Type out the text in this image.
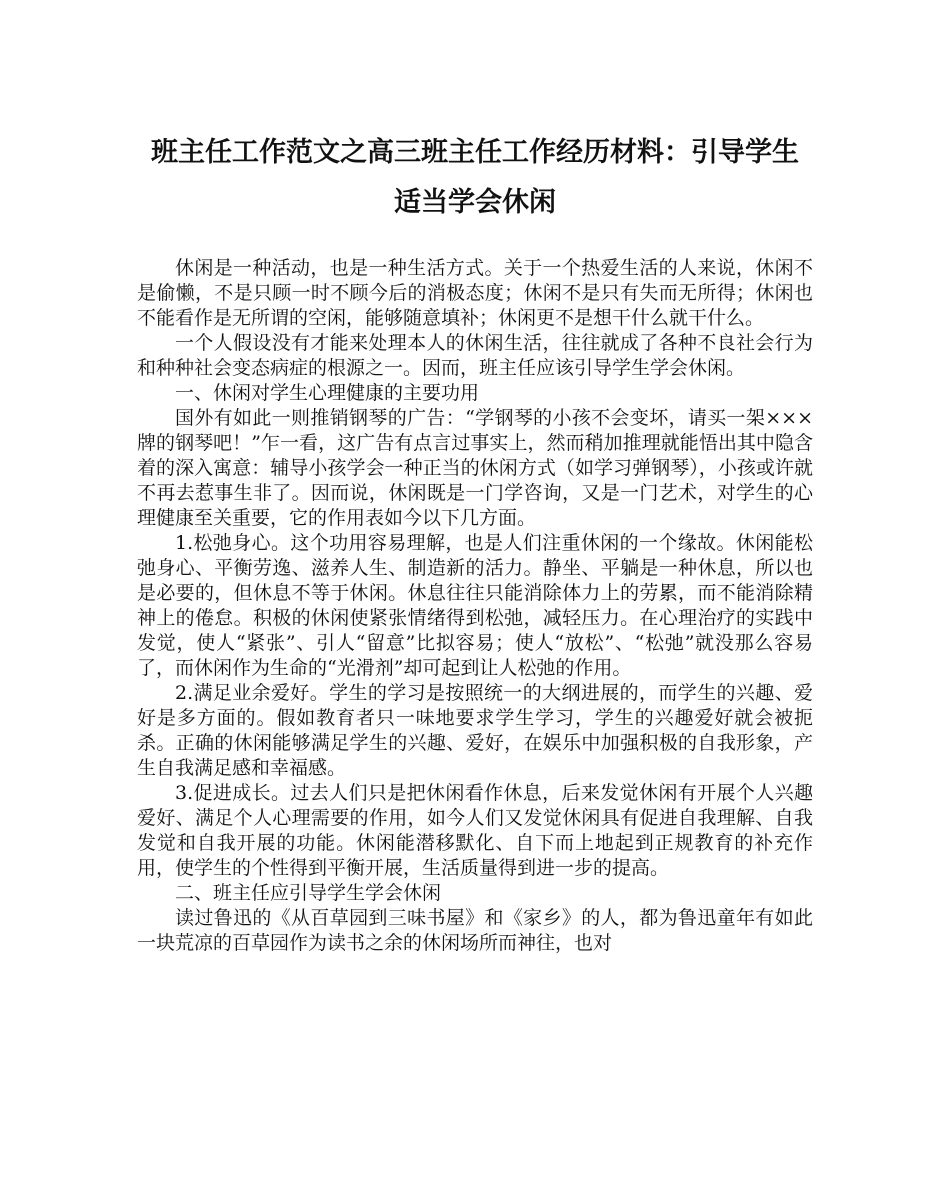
班主任工作范文之高三班主任工作经历材料：引导学生
适当学会休闲

休闲是一种活动，也是一种生活方式。关于一个热爱生活的人来说，休闲不是偷懒，不是只顾一时不顾今后的消极态度；休闲不是只有失而无所得；休闲也不能看作是无所谓的空闲，能够随意填补；休闲更不是想干什么就干什么。

一个人假设没有才能来处理本人的休闲生活，往往就成了各种不良社会行为和种种社会变态病症的根源之一。因而，班主任应该引导学生学会休闲。

一、休闲对学生心理健康的主要功用

国外有如此一则推销钢琴的广告：“学钢琴的小孩不会变坏，请买一架×××牌的钢琴吧！”乍一看，这广告有点言过事实上，然而稍加推理就能悟出其中隐含着的深入寓意：辅导小孩学会一种正当的休闲方式（如学习弹钢琴），小孩或许就不再去惹事生非了。因而说，休闲既是一门学咨询，又是一门艺术，对学生的心理健康至关重要，它的作用表如今以下几方面。

1.松弛身心。这个功用容易理解，也是人们注重休闲的一个缘故。休闲能松弛身心、平衡劳逸、滋养人生、制造新的活力。静坐、平躺是一种休息，所以也是必要的，但休息不等于休闲。休息往往只能消除体力上的劳累，而不能消除精神上的倦怠。积极的休闲使紧张情绪得到松弛，减轻压力。在心理治疗的实践中发觉，使人“紧张”、引人“留意”比拟容易；使人“放松”、“松弛”就没那么容易了，而休闲作为生命的“光滑剂”却可起到让人松弛的作用。

2.满足业余爱好。学生的学习是按照统一的大纲进展的，而学生的兴趣、爱好是多方面的。假如教育者只一味地要求学生学习，学生的兴趣爱好就会被扼杀。正确的休闲能够满足学生的兴趣、爱好，在娱乐中加强积极的自我形象，产生自我满足感和幸福感。

3.促进成长。过去人们只是把休闲看作休息，后来发觉休闲有开展个人兴趣爱好、满足个人心理需要的作用，如今人们又发觉休闲具有促进自我理解、自我发觉和自我开展的功能。休闲能潜移默化、自下而上地起到正规教育的补充作用，使学生的个性得到平衡开展，生活质量得到进一步的提高。

二、班主任应引导学生学会休闲

读过鲁迅的《从百草园到三味书屋》和《家乡》的人，都为鲁迅童年有如此一块荒凉的百草园作为读书之余的休闲场所而神往，也对
